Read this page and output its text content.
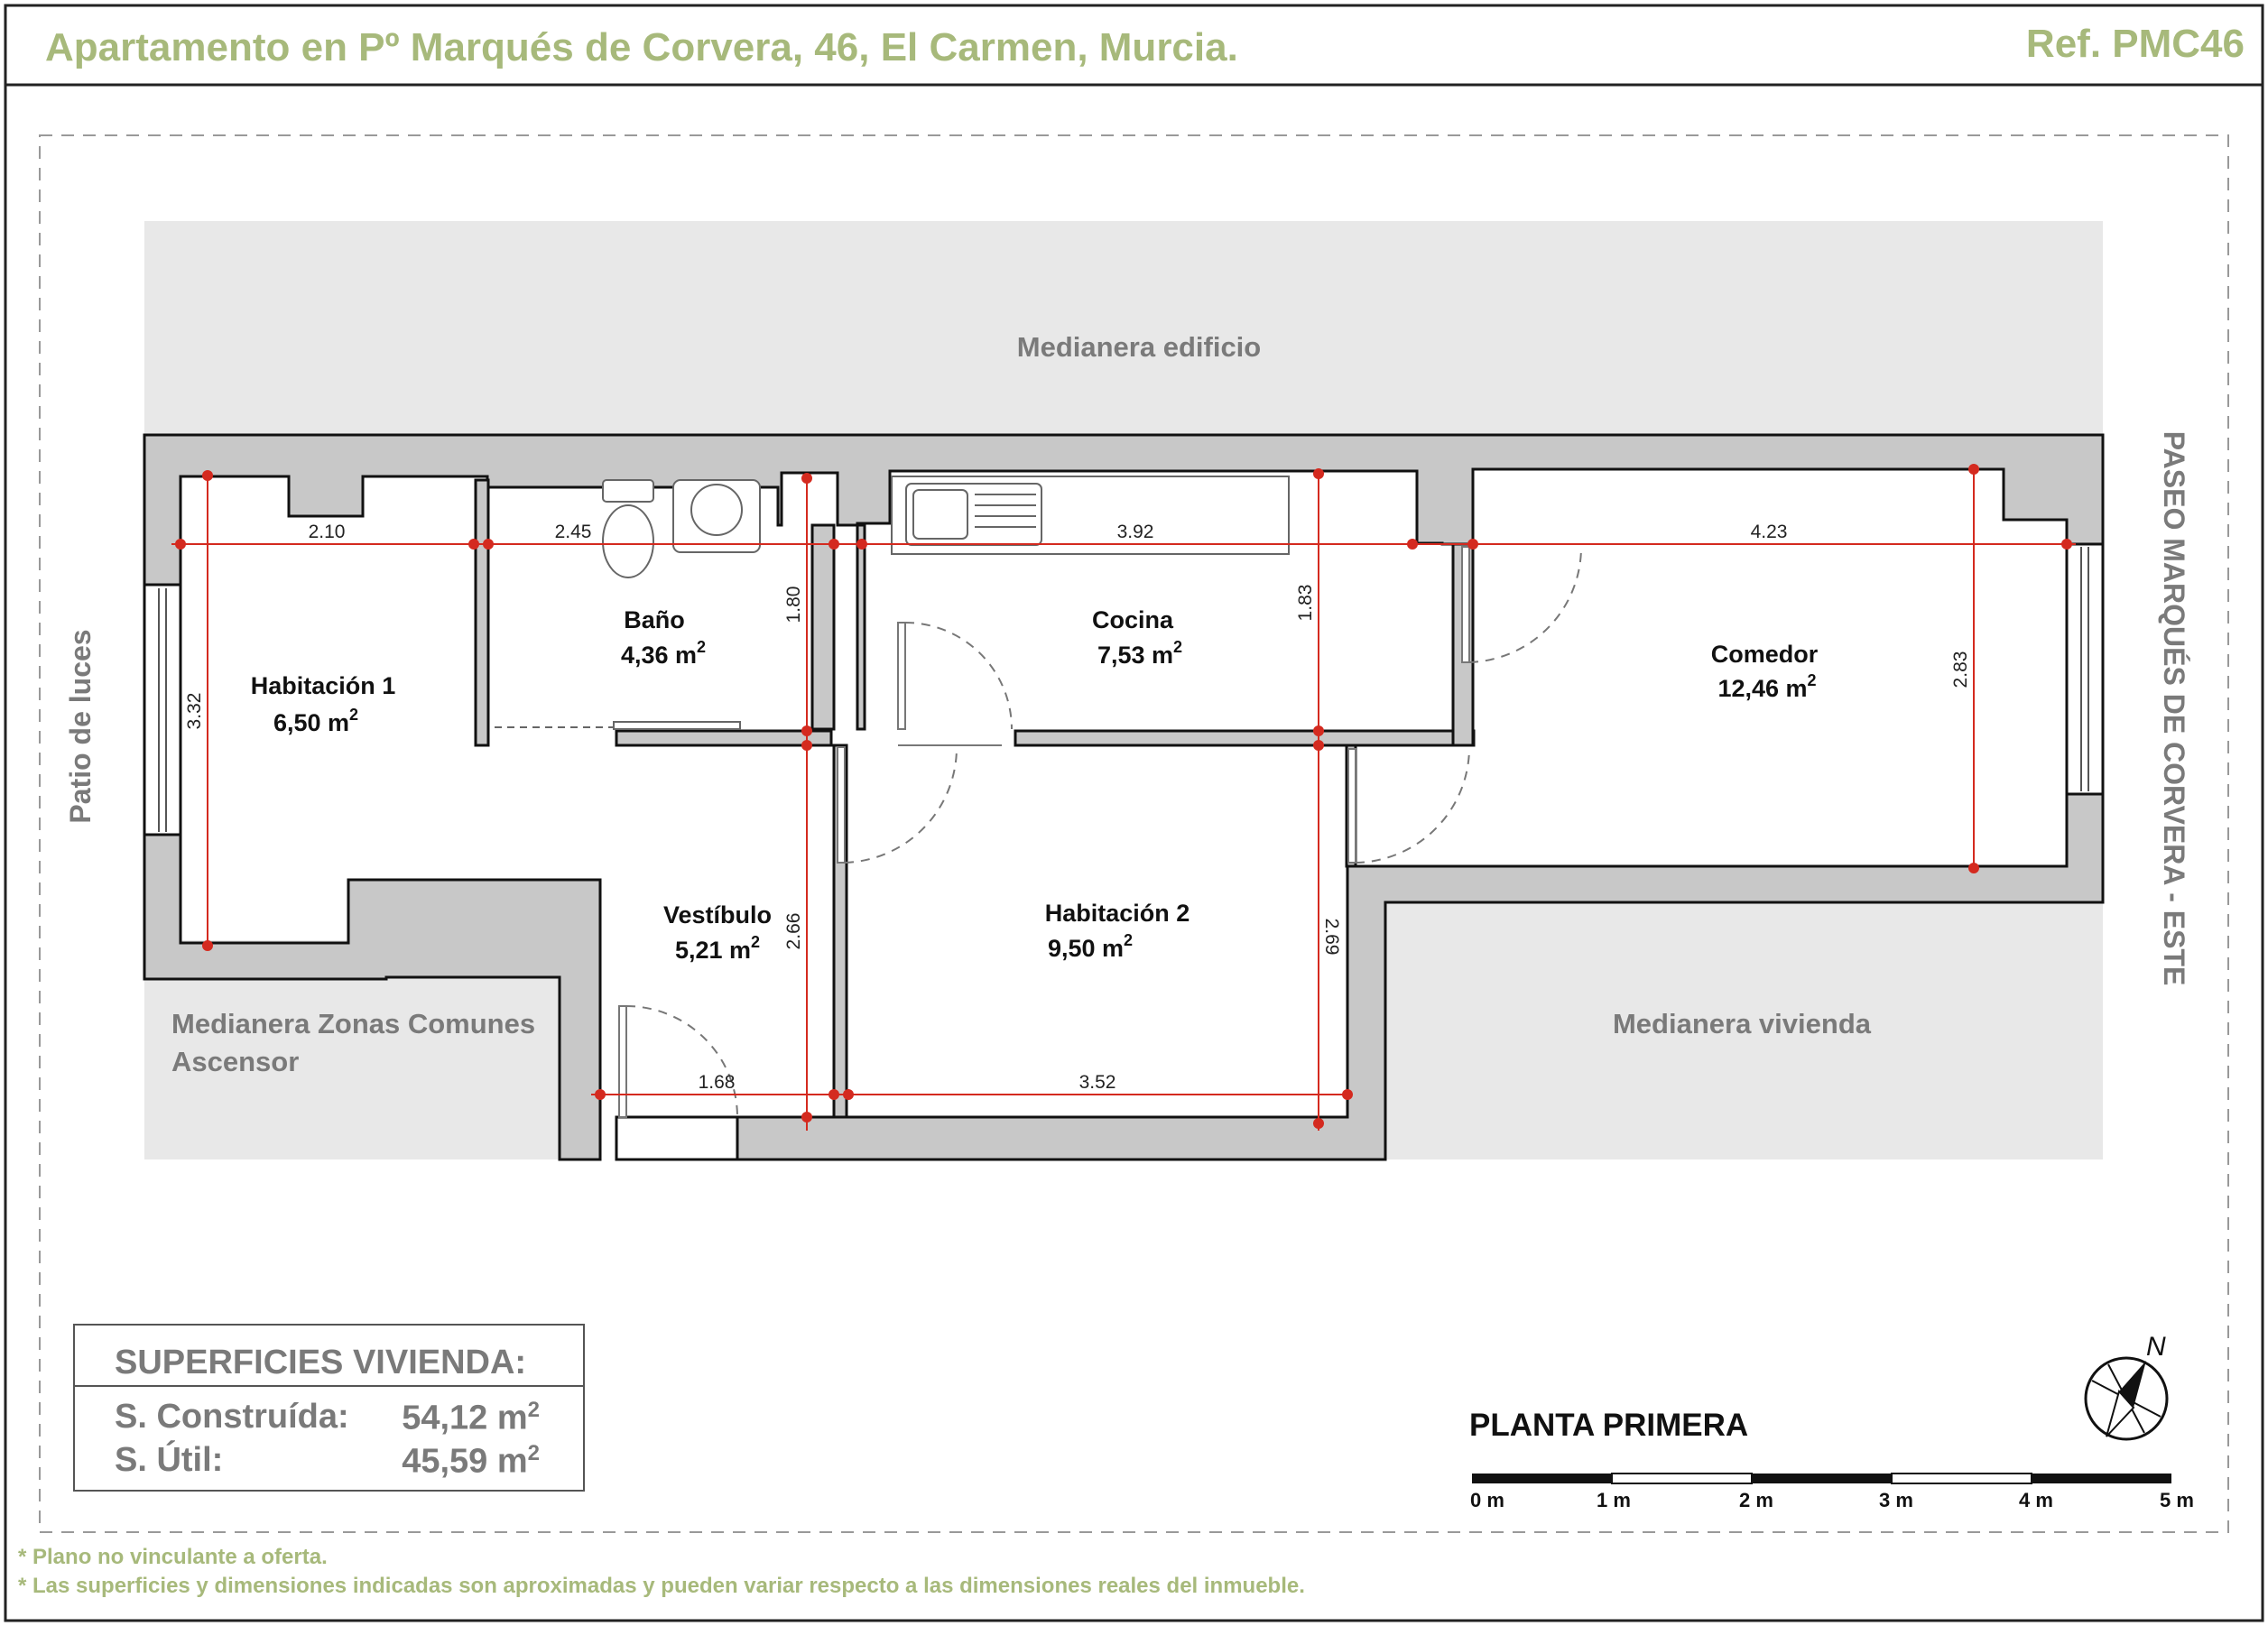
2.10	2.45	3.92	4.23
3.52
1.68
3.32
1.80	1.83
2.83
2.66	2.69
Habitación 1
6,50 $m^2$
Baño
4,36 $m^2$
Cocina
7,53 $m^2$	Comedor
12,46 $m^2$
Vestíbulo
5,21 $m^2$
Habitación 2
9,50 $m^2$
Medianera edificio
Medianera Zonas Comunes
Ascensor
Medianera vivienda
Patio de luces	PASEO MARQUÉS DE CORVERA - ESTE
N
0 m	1 m	2 m	3 m	4 m	5 m
Apartamento en Pº Marqués de Corvera, 46, El Carmen, Murcia.	Ref. PMC46
SUPERFICIES VIVIENDA:
S. Construída: 54,12 $m^2$
S. Útil:	45,59 $m^2$
PLANTA PRIMERA
* Plano no vinculante a oferta.
* Las superficies y dimensiones indicadas son aproximadas y pueden variar respecto a las dimensiones reales del inmueble.
